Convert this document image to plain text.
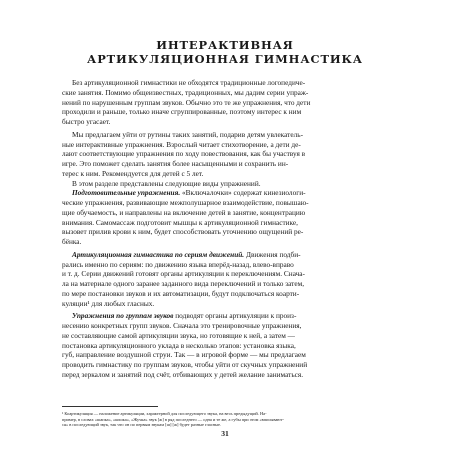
ИНТЕРАКТИВНАЯ
АРТИКУЛЯЦИОННАЯ ГИМНАСТИКА

Без артикуляционной гимнастики не обходятся традиционные логопедиче-
ские занятия. Помимо общеизвестных, традиционных, мы дадим серии упраж-
нений по нарушенным группам звуков. Обычно это те же упражнения, что дети
проходили и раньше, только иначе сгруппированные, поэтому интерес к ним
быстро угасает.

Мы предлагаем уйти от рутины таких занятий, подарив детям увлекатель-
ные интерактивные упражнения. Взрослый читает стихотворение, а дети де-
лают соответствующие упражнения по ходу повествования, как бы участвуя в
игре. Это поможет сделать занятия более насыщенными и сохранить ин-
терес к ним. Рекомендуется для детей с 5 лет.

В этом разделе представлены следующие виды упражнений.

Подготовительные упражнения. «Включалочки» содержат кинезиологи-
ческие упражнения, развивающие межполушарное взаимодействие, повышаю-
щие обучаемость, и направлены на включение детей в занятие, концентрацию
внимания. Самомассаж подготовит мышцы к артикуляционной гимнастике,
вызовет прилив крови к ним, будет способствовать уточнению ощущений ре-
бёнка.

Артикуляционная гимнастика по сериям движений. Движения подби-
рались именно по сериям: по движению языка вперёд-назад, влево-вправо
и т. д. Серии движений готовят органы артикуляции к переключениям. Снача-
ла на материале одного заранее заданного вида переключений и только затем,
по мере постановки звуков и их автоматизации, будут подключаться коарти-
куляции¹ для любых гласных.

Упражнения по группам звуков подводят органы артикуляции к произ-
несению конкретных групп звуков. Сначала это тренировочные упражнения,
не составляющие самой артикуляции звука, но готовящие к ней, а затем —
постановка артикуляционного уклада в несколько этапов: установка языка,
губ, направление воздушной струи. Так — в игровой форме — мы предлагаем
проводить гимнастику по группам звуков, чтобы уйти от скучных упражнений
перед зеркалом и занятий под счёт, отбивающих у детей желание заниматься.

¹ Коартикуляция — наложение артикуляции, характерной для последующего звука, на весь предыдущий. На-
пример, в словах «шапка», «кошка», «Жучка» звук [ж] в ряд последнего — одна и те же, а губы при этом «вписывают-
ся» в последующий звук, так что он по первым звукам [ш] [ж] будет разные гласные.
31
